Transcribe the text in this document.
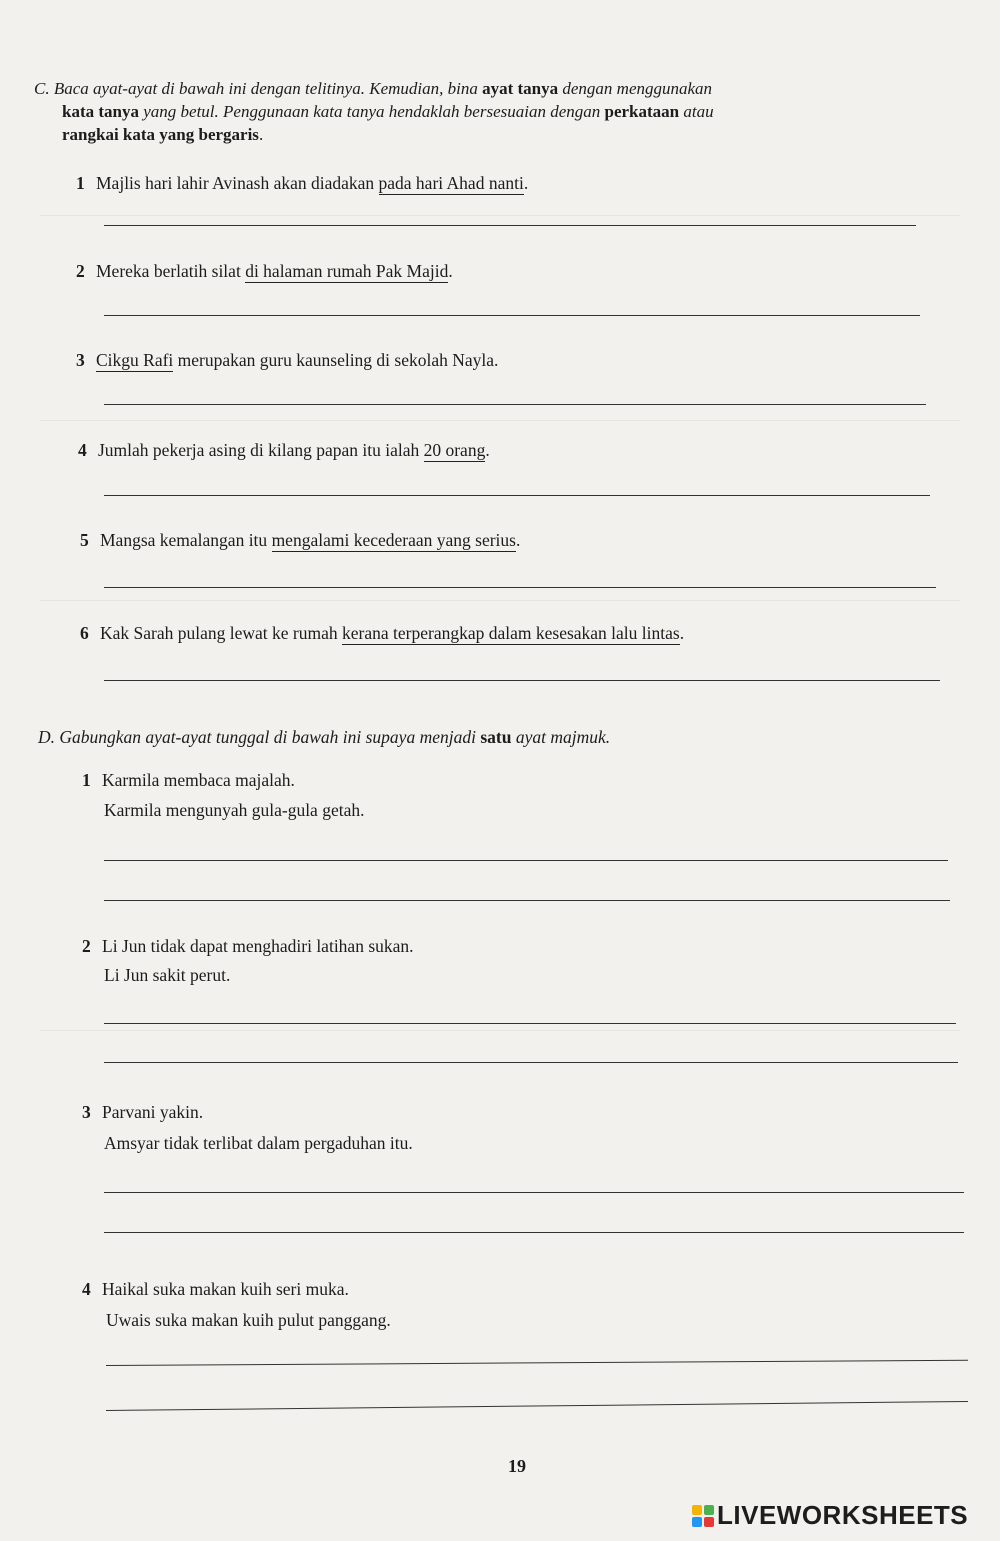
C. Baca ayat-ayat di bawah ini dengan telitinya. Kemudian, bina ayat tanya dengan menggunakan
kata tanya yang betul. Penggunaan kata tanya hendaklah bersesuaian dengan perkataan atau
rangkai kata yang bergaris.
1 Majlis hari lahir Avinash akan diadakan pada hari Ahad nanti.
2 Mereka berlatih silat di halaman rumah Pak Majid.
3 Cikgu Rafi merupakan guru kaunseling di sekolah Nayla.
4 Jumlah pekerja asing di kilang papan itu ialah 20 orang.
5 Mangsa kemalangan itu mengalami kecederaan yang serius.
6 Kak Sarah pulang lewat ke rumah kerana terperangkap dalam kesesakan lalu lintas.
D. Gabungkan ayat-ayat tunggal di bawah ini supaya menjadi satu ayat majmuk.
1 Karmila membaca majalah.
Karmila mengunyah gula-gula getah.
2 Li Jun tidak dapat menghadiri latihan sukan.
Li Jun sakit perut.
3 Parvani yakin.
Amsyar tidak terlibat dalam pergaduhan itu.
4 Haikal suka makan kuih seri muka.
Uwais suka makan kuih pulut panggang.
19
LIVEWORKSHEETS
